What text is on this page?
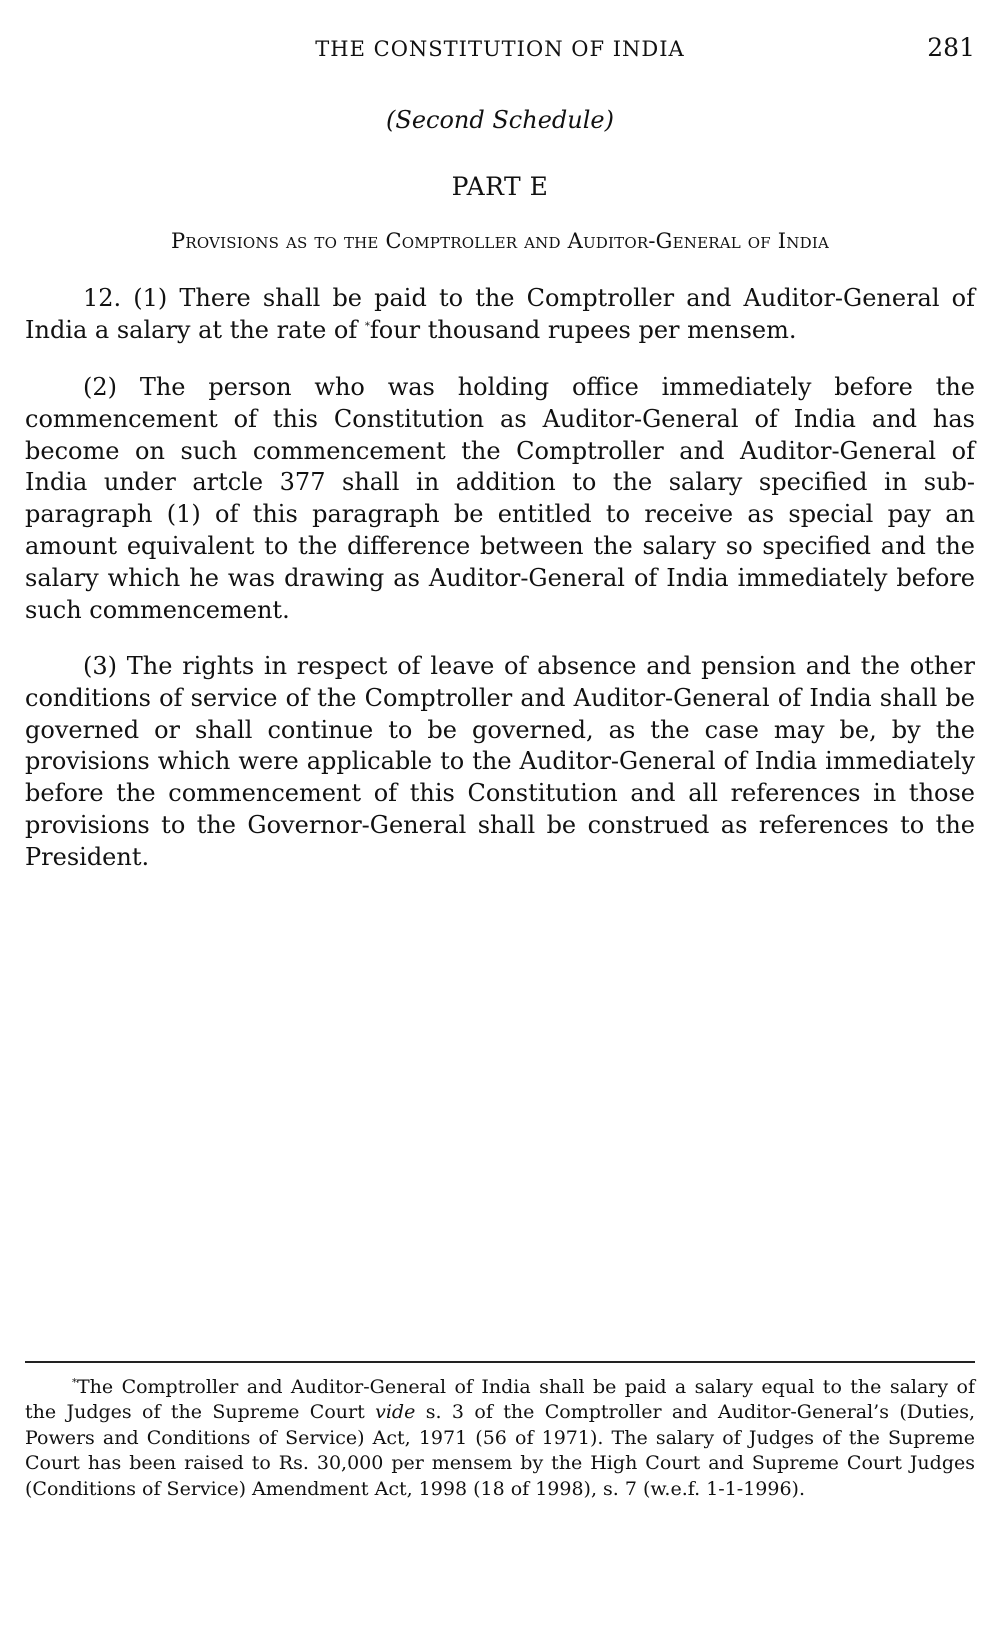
THE CONSTITUTION OF INDIA	281
(Second Schedule)
PART E
Provisions as to the Comptroller and Auditor-General of India

12. (1) There shall be paid to the Comptroller and Auditor-General of India a salary at the rate of *four thousand rupees per mensem.

(2) The person who was holding office immediately before the commencement of this Constitution as Auditor-General of India and has become on such commencement the Comptroller and Auditor-General of India under artcle 377 shall in addition to the salary specified in sub-paragraph (1) of this paragraph be entitled to receive as special pay an amount equivalent to the difference between the salary so specified and the salary which he was drawing as Auditor-General of India immediately before such commencement.

(3) The rights in respect of leave of absence and pension and the other conditions of service of the Comptroller and Auditor-General of India shall be governed or shall continue to be governed, as the case may be, by the provisions which were applicable to the Auditor-General of India immediately before the commencement of this Constitution and all references in those provisions to the Governor-General shall be construed as references to the President.

*The Comptroller and Auditor-General of India shall be paid a salary equal to the salary of the Judges of the Supreme Court vide s. 3 of the Comptroller and Auditor-General’s (Duties, Powers and Conditions of Service) Act, 1971 (56 of 1971). The salary of Judges of the Supreme Court has been raised to Rs. 30,000 per mensem by the High Court and Supreme Court Judges (Conditions of Service) Amendment Act, 1998 (18 of 1998), s. 7 (w.e.f. 1-1-1996).
